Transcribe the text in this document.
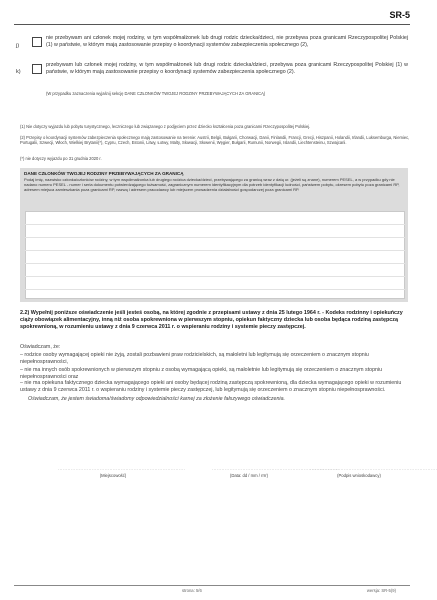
SR-5
j)
nie przebywam ani członek mojej rodziny, w tym współmałżonek lub drugi rodzic dziecka/dzieci, nie przebywa poza granicami Rzeczypospolitej Polskiej (1) w państwie, w którym mają zastosowanie przepisy o koordynacji systemów zabezpieczenia społecznego (2),
k)
przebywam lub członek mojej rodziny, w tym współmałżonek lub drugi rodzic dziecka/dzieci, przebywa poza granicami Rzeczypospolitej Polskiej (1) w państwie, w którym mają zastosowanie przepisy o koordynacji systemów zabezpieczenia społecznego (2).
(W przypadku zaznaczenia wyjaśnij sekcję DANE CZŁONKÓW TWOJEJ RODZINY PRZEBYWAJĄCYCH ZA GRANICĄ)
(1) Nie dotyczy wyjazdu lub pobytu turystycznego, leczniczego lub związanego z podjęciem przez dziecko kształcenia poza granicami Rzeczypospolitej Polskiej.
(2) Przepisy o koordynacji systemów zabezpieczenia społecznego mają zastosowanie na terenie: Austrii, Belgii, Bułgarii, Chorwacji, Danii, Finlandii, Francji, Grecji, Hiszpanii, Holandii, Irlandii, Luksemburga, Niemiec, Portugalii, Szwecji, Włoch, Wielkiej Brytanii(*), Cypru, Czech, Estonii, Litwy, Łotwy, Malty, Słowacji, Słowenii, Węgier, Bułgarii, Rumunii, Norwegii, Islandii, Liechtensteinu, Szwajcarii.
(*) nie dotyczy wyjazdu po 31 grudnia 2020 r.
DANE CZŁONKÓW TWOJEJ RODZINY PRZEBYWAJĄCYCH ZA GRANICĄ
Podaj imię, nazwisko członka/członków rodziny, w tym współmałżonka lub drugiego rodzica dziecka/dzieci, przebywającego za granicą wraz z datą ur. (jeżeli są znane), numerem PESEL, a w przypadku gdy nie nadano numeru PESEL - numer i seria dokumentu potwierdzającego tożsamość, zagranicznym numerem identyfikacyjnym dla potrzeb identyfikacji ludności, państwem pobytu, okresem pobytu poza granicami RP, adresem miejsca zamieszkania poza granicami RP, nazwą i adresem pracodawcy lub miejscem prowadzenia działalności gospodarczej poza granicami RP.
2.2) Wypełnij poniższe oświadczenie jeśli jesteś osobą, na której zgodnie z przepisami ustawy z dnia 25 lutego 1964 r. - Kodeks rodzinny i opiekuńczy ciąży obowiązek alimentacyjny, inną niż osoba spokrewniona w pierwszym stopniu, opiekun faktyczny dziecka lub osoba będąca rodziną zastępczą spokrewnioną, w rozumieniu ustawy z dnia 9 czerwca 2011 r. o wspieraniu rodziny i systemie pieczy zastępczej.
Oświadczam, że:
– rodzice osoby wymagającej opieki nie żyją, zostali pozbawieni praw rodzicielskich, są małoletni lub legitymują się orzeczeniem o znacznym stopniu niepełnosprawności,
– nie ma innych osób spokrewnionych w pierwszym stopniu z osobą wymagającą opieki, są małoletnie lub legitymują się orzeczeniem o znacznym stopniu niepełnosprawności oraz
– nie ma opiekuna faktycznego dziecka wymagającego opieki ani osoby będącej rodziną zastępczą spokrewnioną, dla dziecka wymagającego opieki w rozumieniu ustawy z dnia 9 czerwca 2011 r. o wspieraniu rodziny i systemie pieczy zastępczej, lub legitymują się orzeczeniem o znacznym stopniu niepełnosprawności.
Oświadczam, że jestem świadoma/świadomy odpowiedzialności karnej za złożenie fałszywego oświadczenia.
...............................................................................
(Miejscowość)
...............................................................................
(Data: dd / mm / rrrr)
...............................................................................
(Podpis wnioskodawcy)
strona: 5/6	wersja: SR-5(9)
